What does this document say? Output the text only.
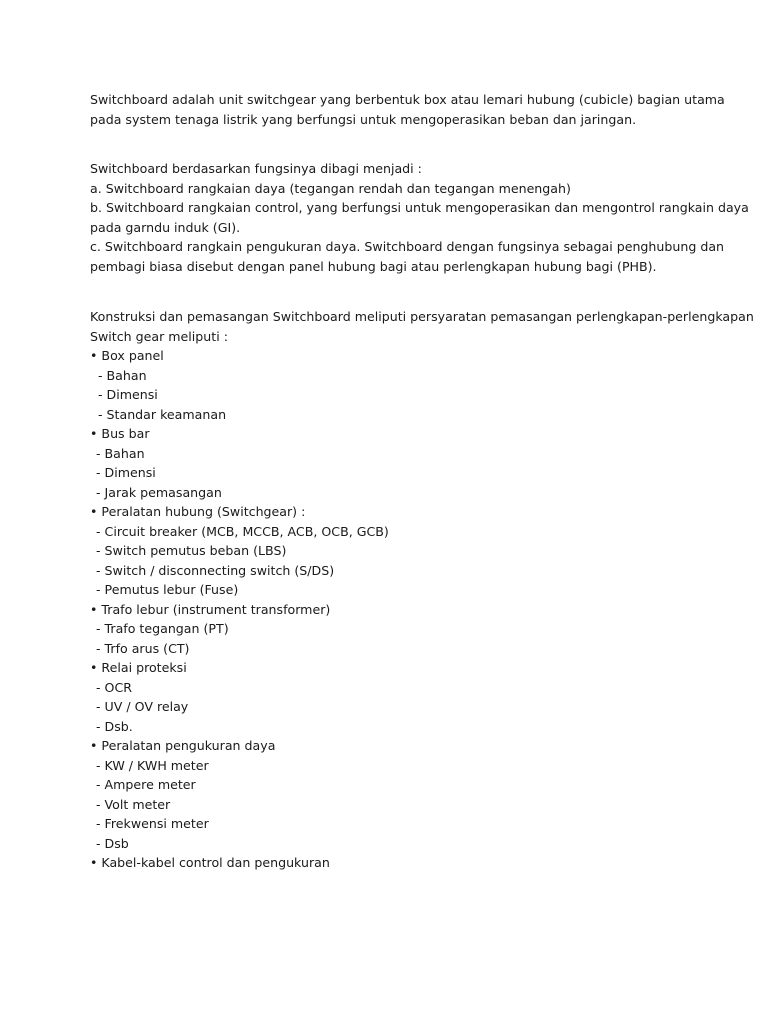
Switchboard adalah unit switchgear yang berbentuk box atau lemari hubung (cubicle) bagian utama
pada system tenaga listrik yang berfungsi untuk mengoperasikan beban dan jaringan.
Switchboard berdasarkan fungsinya dibagi menjadi :
a. Switchboard rangkaian daya (tegangan rendah dan tegangan menengah)
b. Switchboard rangkaian control, yang berfungsi untuk mengoperasikan dan mengontrol rangkain daya
pada garndu induk (GI).
c. Switchboard rangkain pengukuran daya. Switchboard dengan fungsinya sebagai penghubung dan
pembagi biasa disebut dengan panel hubung bagi atau perlengkapan hubung bagi (PHB).
Konstruksi dan pemasangan Switchboard meliputi persyaratan pemasangan perlengkapan-perlengkapan
Switch gear meliputi :
• Box panel
- Bahan
- Dimensi
- Standar keamanan
• Bus bar
- Bahan
- Dimensi
- Jarak pemasangan
• Peralatan hubung (Switchgear) :
- Circuit breaker (MCB, MCCB, ACB, OCB, GCB)
- Switch pemutus beban (LBS)
- Switch / disconnecting switch (S/DS)
- Pemutus lebur (Fuse)
• Trafo lebur (instrument transformer)
- Trafo tegangan (PT)
- Trfo arus (CT)
• Relai proteksi
- OCR
- UV / OV relay
- Dsb.
• Peralatan pengukuran daya
- KW / KWH meter
- Ampere meter
- Volt meter
- Frekwensi meter
- Dsb
• Kabel-kabel control dan pengukuran
